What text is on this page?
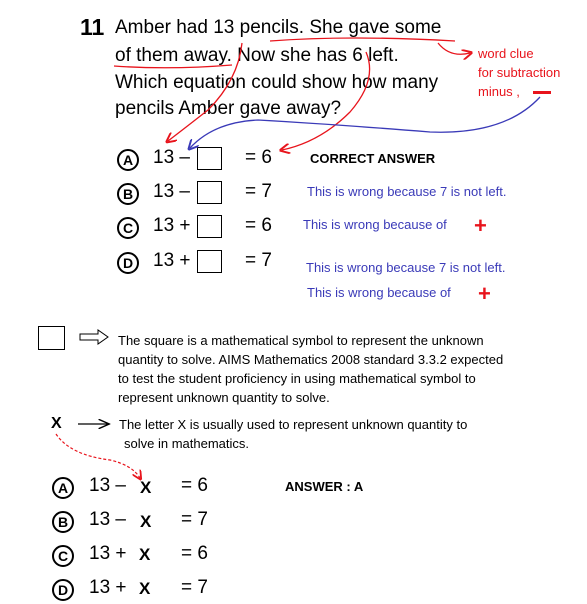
11 Amber had 13 pencils. She gave some
of them away. Now she has 6 left.
Which equation could show how many
pencils Amber gave away?
word clue
for subtraction
minus ,
A	13 –	= 6
B	13 –	= 7
C	13 +	= 6
D	13 +	= 7
CORRECT ANSWER
This is wrong because 7 is not left.
This is wrong because of +
This is wrong because 7 is not left.
This is wrong because of +
The square is a mathematical symbol to represent the unknown
quantity to solve. AIMS Mathematics 2008 standard 3.3.2 expected
to test the student proficiency in using mathematical symbol to
represent unknown quantity to solve.
X	The letter X is usually used to represent unknown quantity to
solve in mathematics.
A	13 – X = 6	ANSWER : A
B	13 – X = 7
C	13 + X = 6
D	13 + X = 7
